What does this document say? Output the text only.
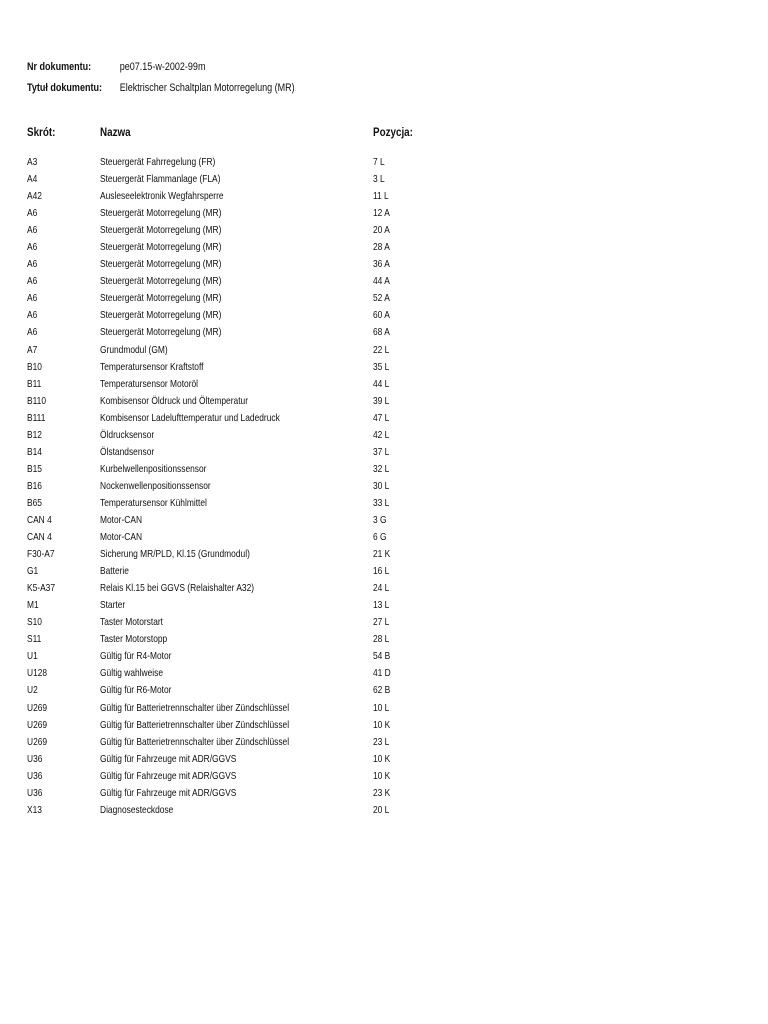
Nr dokumentu:	pe07.15-w-2002-99m
Tytuł dokumentu: Elektrischer Schaltplan Motorregelung (MR)
Skrót:	Nazwa	Pozycja:
A3	Steuergerät Fahrregelung (FR)	7 L
A4	Steuergerät Flammanlage (FLA)	3 L
A42	Ausleseelektronik Wegfahrsperre	11 L
A6	Steuergerät Motorregelung (MR)	12 A
A6	Steuergerät Motorregelung (MR)	20 A
A6	Steuergerät Motorregelung (MR)	28 A
A6	Steuergerät Motorregelung (MR)	36 A
A6	Steuergerät Motorregelung (MR)	44 A
A6	Steuergerät Motorregelung (MR)	52 A
A6	Steuergerät Motorregelung (MR)	60 A
A6	Steuergerät Motorregelung (MR)	68 A
A7	Grundmodul (GM)	22 L
B10	Temperatursensor Kraftstoff	35 L
B11	Temperatursensor Motoröl	44 L
B110	Kombisensor Öldruck und Öltemperatur	39 L
B111	Kombisensor Ladelufttemperatur und Ladedruck	47 L
B12	Öldrucksensor	42 L
B14	Ölstandsensor	37 L
B15	Kurbelwellenpositionssensor	32 L
B16	Nockenwellenpositionssensor	30 L
B65	Temperatursensor Kühlmittel	33 L
CAN 4	Motor-CAN	3 G
CAN 4	Motor-CAN	6 G
F30-A7	Sicherung MR/PLD, Kl.15 (Grundmodul)	21 K
G1	Batterie	16 L
K5-A37	Relais Kl.15 bei GGVS (Relaishalter A32)	24 L
M1	Starter	13 L
S10	Taster Motorstart	27 L
S11	Taster Motorstopp	28 L
U1	Gültig für R4-Motor	54 B
U128	Gültig wahlweise	41 D
U2	Gültig für R6-Motor	62 B
U269	Gültig für Batterietrennschalter über Zündschlüssel	10 L
U269	Gültig für Batterietrennschalter über Zündschlüssel	10 K
U269	Gültig für Batterietrennschalter über Zündschlüssel	23 L
U36	Gültig für Fahrzeuge mit ADR/GGVS	10 K
U36	Gültig für Fahrzeuge mit ADR/GGVS	10 K
U36	Gültig für Fahrzeuge mit ADR/GGVS	23 K
X13	Diagnosesteckdose	20 L
